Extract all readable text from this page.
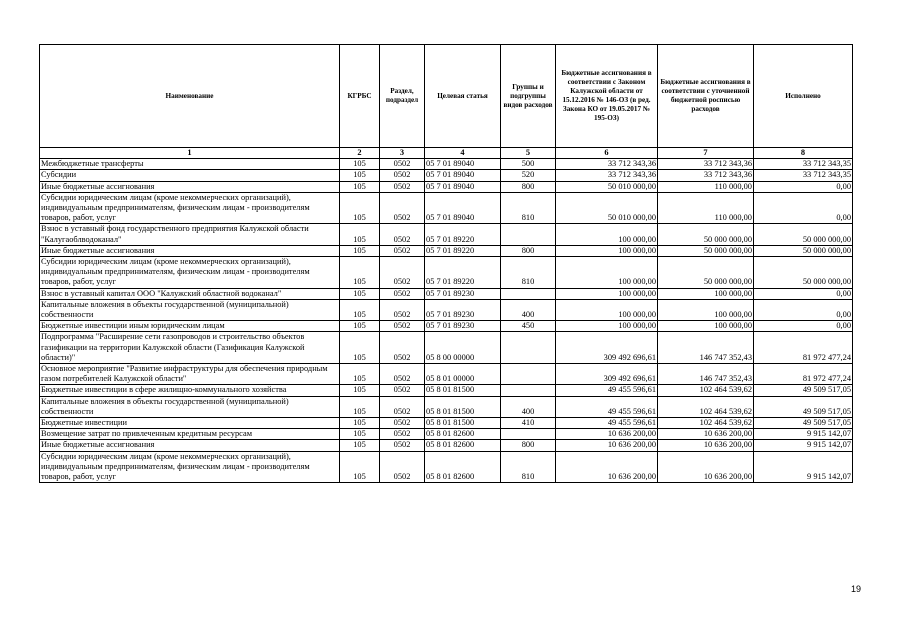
Наименование	КГРБС	Раздел, подраздел	Целевая статья	Группы и подгруппы видов расходов	Бюджетные ассигнования в соответствии с Законом Калужской области от 15.12.2016 № 146-ОЗ (в ред. Закона КО от 19.05.2017 № 195-ОЗ)	Бюджетные ассигнования в соответствии с уточненной бюджетной росписью расходов	Исполнено
1	2	3	4	5	6	7	8
Межбюджетные трансферты	105	0502	05 7 01 89040	500	33 712 343,36	33 712 343,36	33 712 343,35
Субсидии	105	0502	05 7 01 89040	520	33 712 343,36	33 712 343,36	33 712 343,35
Иные бюджетные ассигнования	105	0502	05 7 01 89040	800	50 010 000,00	110 000,00	0,00
Субсидии юридическим лицам (кроме некоммерческих организаций), индивидуальным предпринимателям, физическим лицам - производителям товаров, работ, услуг	105	0502	05 7 01 89040	810	50 010 000,00	110 000,00	0,00
Взнос в уставный фонд государственного предприятия Калужской области "Калугаоблводоканал"	105	0502	05 7 01 89220		100 000,00	50 000 000,00	50 000 000,00
Иные бюджетные ассигнования	105	0502	05 7 01 89220	800	100 000,00	50 000 000,00	50 000 000,00
Субсидии юридическим лицам (кроме некоммерческих организаций), индивидуальным предпринимателям, физическим лицам - производителям товаров, работ, услуг	105	0502	05 7 01 89220	810	100 000,00	50 000 000,00	50 000 000,00
Взнос в уставный капитал ООО "Калужский областной водоканал"	105	0502	05 7 01 89230		100 000,00	100 000,00	0,00
Капитальные вложения в объекты государственной (муниципальной) собственности	105	0502	05 7 01 89230	400	100 000,00	100 000,00	0,00
Бюджетные инвестиции иным юридическим лицам	105	0502	05 7 01 89230	450	100 000,00	100 000,00	0,00
Подпрограмма "Расширение сети газопроводов и строительство объектов газификации на территории Калужской области (Газификация Калужской области)"	105	0502	05 8 00 00000		309 492 696,61	146 747 352,43	81 972 477,24
Основное мероприятие "Развитие инфраструктуры для обеспечения природным газом потребителей Калужской области"	105	0502	05 8 01 00000		309 492 696,61	146 747 352,43	81 972 477,24
Бюджетные инвестиции в сфере жилищно-коммунального хозяйства	105	0502	05 8 01 81500		49 455 596,61	102 464 539,62	49 509 517,05
Капитальные вложения в объекты государственной (муниципальной) собственности	105	0502	05 8 01 81500	400	49 455 596,61	102 464 539,62	49 509 517,05
Бюджетные инвестиции	105	0502	05 8 01 81500	410	49 455 596,61	102 464 539,62	49 509 517,05
Возмещение затрат по привлеченным кредитным ресурсам	105	0502	05 8 01 82600		10 636 200,00	10 636 200,00	9 915 142,07
Иные бюджетные ассигнования	105	0502	05 8 01 82600	800	10 636 200,00	10 636 200,00	9 915 142,07
Субсидии юридическим лицам (кроме некоммерческих организаций), индивидуальным предпринимателям, физическим лицам - производителям товаров, работ, услуг	105	0502	05 8 01 82600	810	10 636 200,00	10 636 200,00	9 915 142,07
19
